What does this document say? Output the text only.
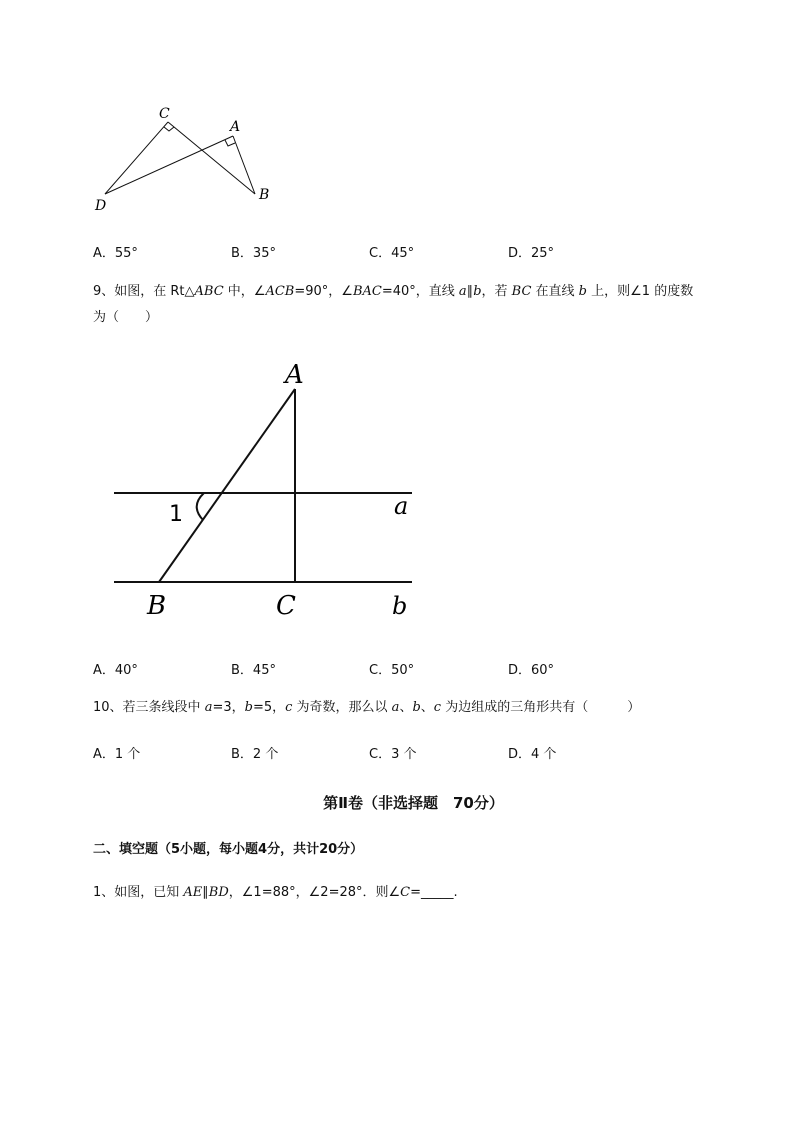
C
A
D
B
A．55°	B．35°	C．45°	D．25°
9、如图，在 Rt△ABC 中，∠ACB=90°，∠BAC=40°，直线 a∥b，若 BC 在直线 b 上，则∠1 的度数
为（　　）
A
1	a
B	C	b
A．40°	B．45°	C．50°	D．60°
10、若三条线段中 a=3，b=5，c 为奇数，那么以 a、b、c 为边组成的三角形共有（　　　）
A．1 个	B．2 个	C．3 个	D．4 个
第Ⅱ卷（非选择题　70分）
二、填空题（5小题，每小题4分，共计20分）
1、如图，已知 AE∥BD，∠1=88°，∠2=28°．则∠C=_____.
